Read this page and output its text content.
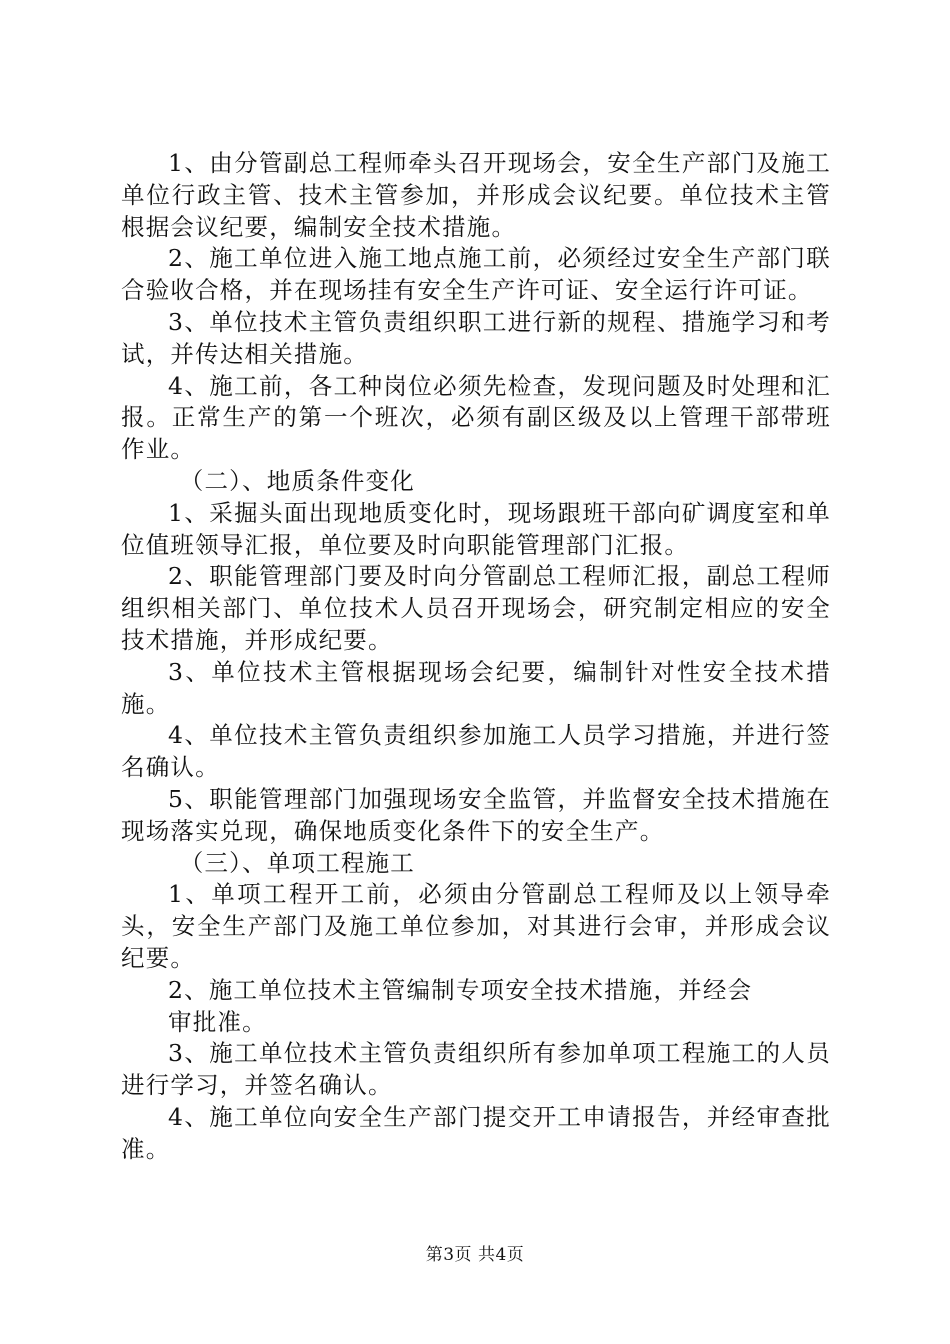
1、由分管副总工程师牵头召开现场会，安全生产部门及施工单位行政主管、技术主管参加，并形成会议纪要。单位技术主管根据会议纪要，编制安全技术措施。

2、施工单位进入施工地点施工前，必须经过安全生产部门联合验收合格，并在现场挂有安全生产许可证、安全运行许可证。

3、单位技术主管负责组织职工进行新的规程、措施学习和考试，并传达相关措施。

4、施工前，各工种岗位必须先检查，发现问题及时处理和汇报。正常生产的第一个班次，必须有副区级及以上管理干部带班作业。

（二）、地质条件变化

1、采掘头面出现地质变化时，现场跟班干部向矿调度室和单位值班领导汇报，单位要及时向职能管理部门汇报。

2、职能管理部门要及时向分管副总工程师汇报，副总工程师组织相关部门、单位技术人员召开现场会，研究制定相应的安全技术措施，并形成纪要。

3、单位技术主管根据现场会纪要，编制针对性安全技术措施。

4、单位技术主管负责组织参加施工人员学习措施，并进行签名确认。

5、职能管理部门加强现场安全监管，并监督安全技术措施在现场落实兑现，确保地质变化条件下的安全生产。

（三）、单项工程施工

1、单项工程开工前，必须由分管副总工程师及以上领导牵头，安全生产部门及施工单位参加，对其进行会审，并形成会议纪要。

2、施工单位技术主管编制专项安全技术措施，并经会

审批准。

3、施工单位技术主管负责组织所有参加单项工程施工的人员进行学习，并签名确认。

4、施工单位向安全生产部门提交开工申请报告，并经审查批准。

第3页 共4页
